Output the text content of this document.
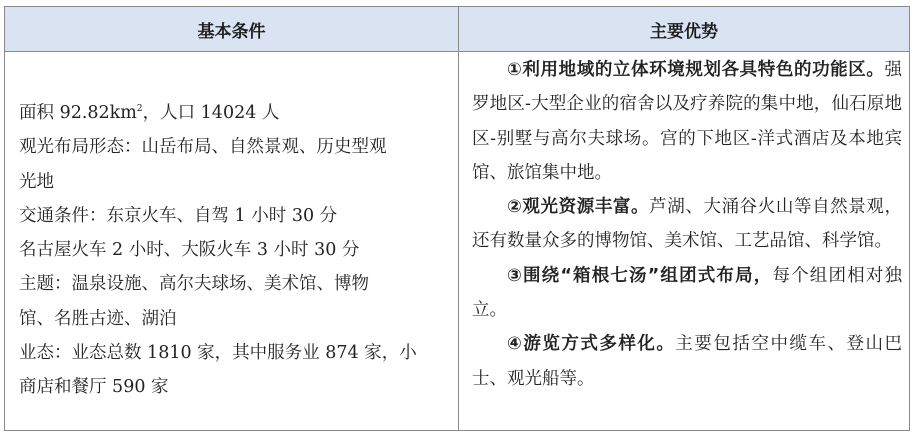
基本条件	主要优势
面积 $92.82km^2$，人口 14024 人
观光布局形态：山岳布局、自然景观、历史型观
光地
交通条件：东京火车、自驾 1 小时 30 分
名古屋火车 2 小时、大阪火车 3 小时 30 分
主题：温泉设施、高尔夫球场、美术馆、博物
馆、名胜古迹、湖泊
业态：业态总数 1810 家，其中服务业 874 家，小
商店和餐厅 590 家
①利用地域的立体环境规划各具特色的功能区。强罗地区-大型企业的宿舍以及疗养院的集中地，仙石原地区-别墅与高尔夫球场。宫的下地区-洋式酒店及本地宾馆、旅馆集中地。
②观光资源丰富。芦湖、大涌谷火山等自然景观，还有数量众多的博物馆、美术馆、工艺品馆、科学馆。
③围绕“箱根七汤”组团式布局，每个组团相对独立。
④游览方式多样化。主要包括空中缆车、登山巴士、观光船等。
